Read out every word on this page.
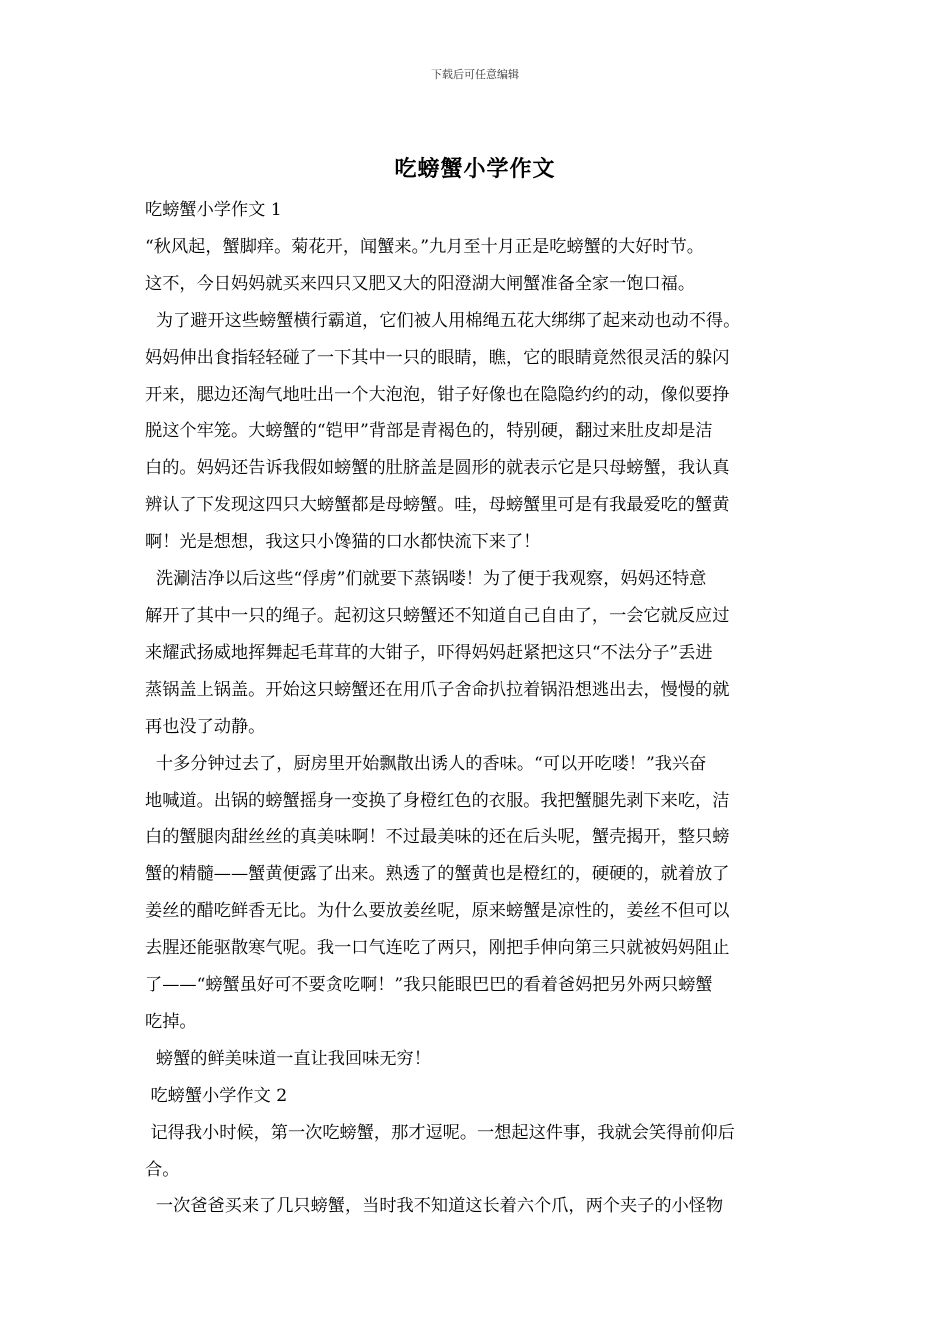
下载后可任意编辑
吃螃蟹小学作文
吃螃蟹小学作文 1
“秋风起，蟹脚痒。菊花开，闻蟹来。”九月至十月正是吃螃蟹的大好时节。
这不，今日妈妈就买来四只又肥又大的阳澄湖大闸蟹准备全家一饱口福。
为了避开这些螃蟹横行霸道，它们被人用棉绳五花大绑绑了起来动也动不得。
妈妈伸出食指轻轻碰了一下其中一只的眼睛，瞧，它的眼睛竟然很灵活的躲闪
开来，腮边还淘气地吐出一个大泡泡，钳子好像也在隐隐约约的动，像似要挣
脱这个牢笼。大螃蟹的“铠甲”背部是青褐色的，特别硬，翻过来肚皮却是洁
白的。妈妈还告诉我假如螃蟹的肚脐盖是圆形的就表示它是只母螃蟹，我认真
辨认了下发现这四只大螃蟹都是母螃蟹。哇，母螃蟹里可是有我最爱吃的蟹黄
啊！光是想想，我这只小馋猫的口水都快流下来了！
洗涮洁净以后这些“俘虏”们就要下蒸锅喽！为了便于我观察，妈妈还特意
解开了其中一只的绳子。起初这只螃蟹还不知道自己自由了，一会它就反应过
来耀武扬威地挥舞起毛茸茸的大钳子，吓得妈妈赶紧把这只“不法分子”丢进
蒸锅盖上锅盖。开始这只螃蟹还在用爪子舍命扒拉着锅沿想逃出去，慢慢的就
再也没了动静。
十多分钟过去了，厨房里开始飘散出诱人的香味。“可以开吃喽！”我兴奋
地喊道。出锅的螃蟹摇身一变换了身橙红色的衣服。我把蟹腿先剥下来吃，洁
白的蟹腿肉甜丝丝的真美味啊！不过最美味的还在后头呢，蟹壳揭开，整只螃
蟹的精髓——蟹黄便露了出来。熟透了的蟹黄也是橙红的，硬硬的，就着放了
姜丝的醋吃鲜香无比。为什么要放姜丝呢，原来螃蟹是凉性的，姜丝不但可以
去腥还能驱散寒气呢。我一口气连吃了两只，刚把手伸向第三只就被妈妈阻止
了——“螃蟹虽好可不要贪吃啊！”我只能眼巴巴的看着爸妈把另外两只螃蟹
吃掉。
螃蟹的鲜美味道一直让我回味无穷！
吃螃蟹小学作文 2
记得我小时候，第一次吃螃蟹，那才逗呢。一想起这件事，我就会笑得前仰后
合。
一次爸爸买来了几只螃蟹，当时我不知道这长着六个爪，两个夹子的小怪物
